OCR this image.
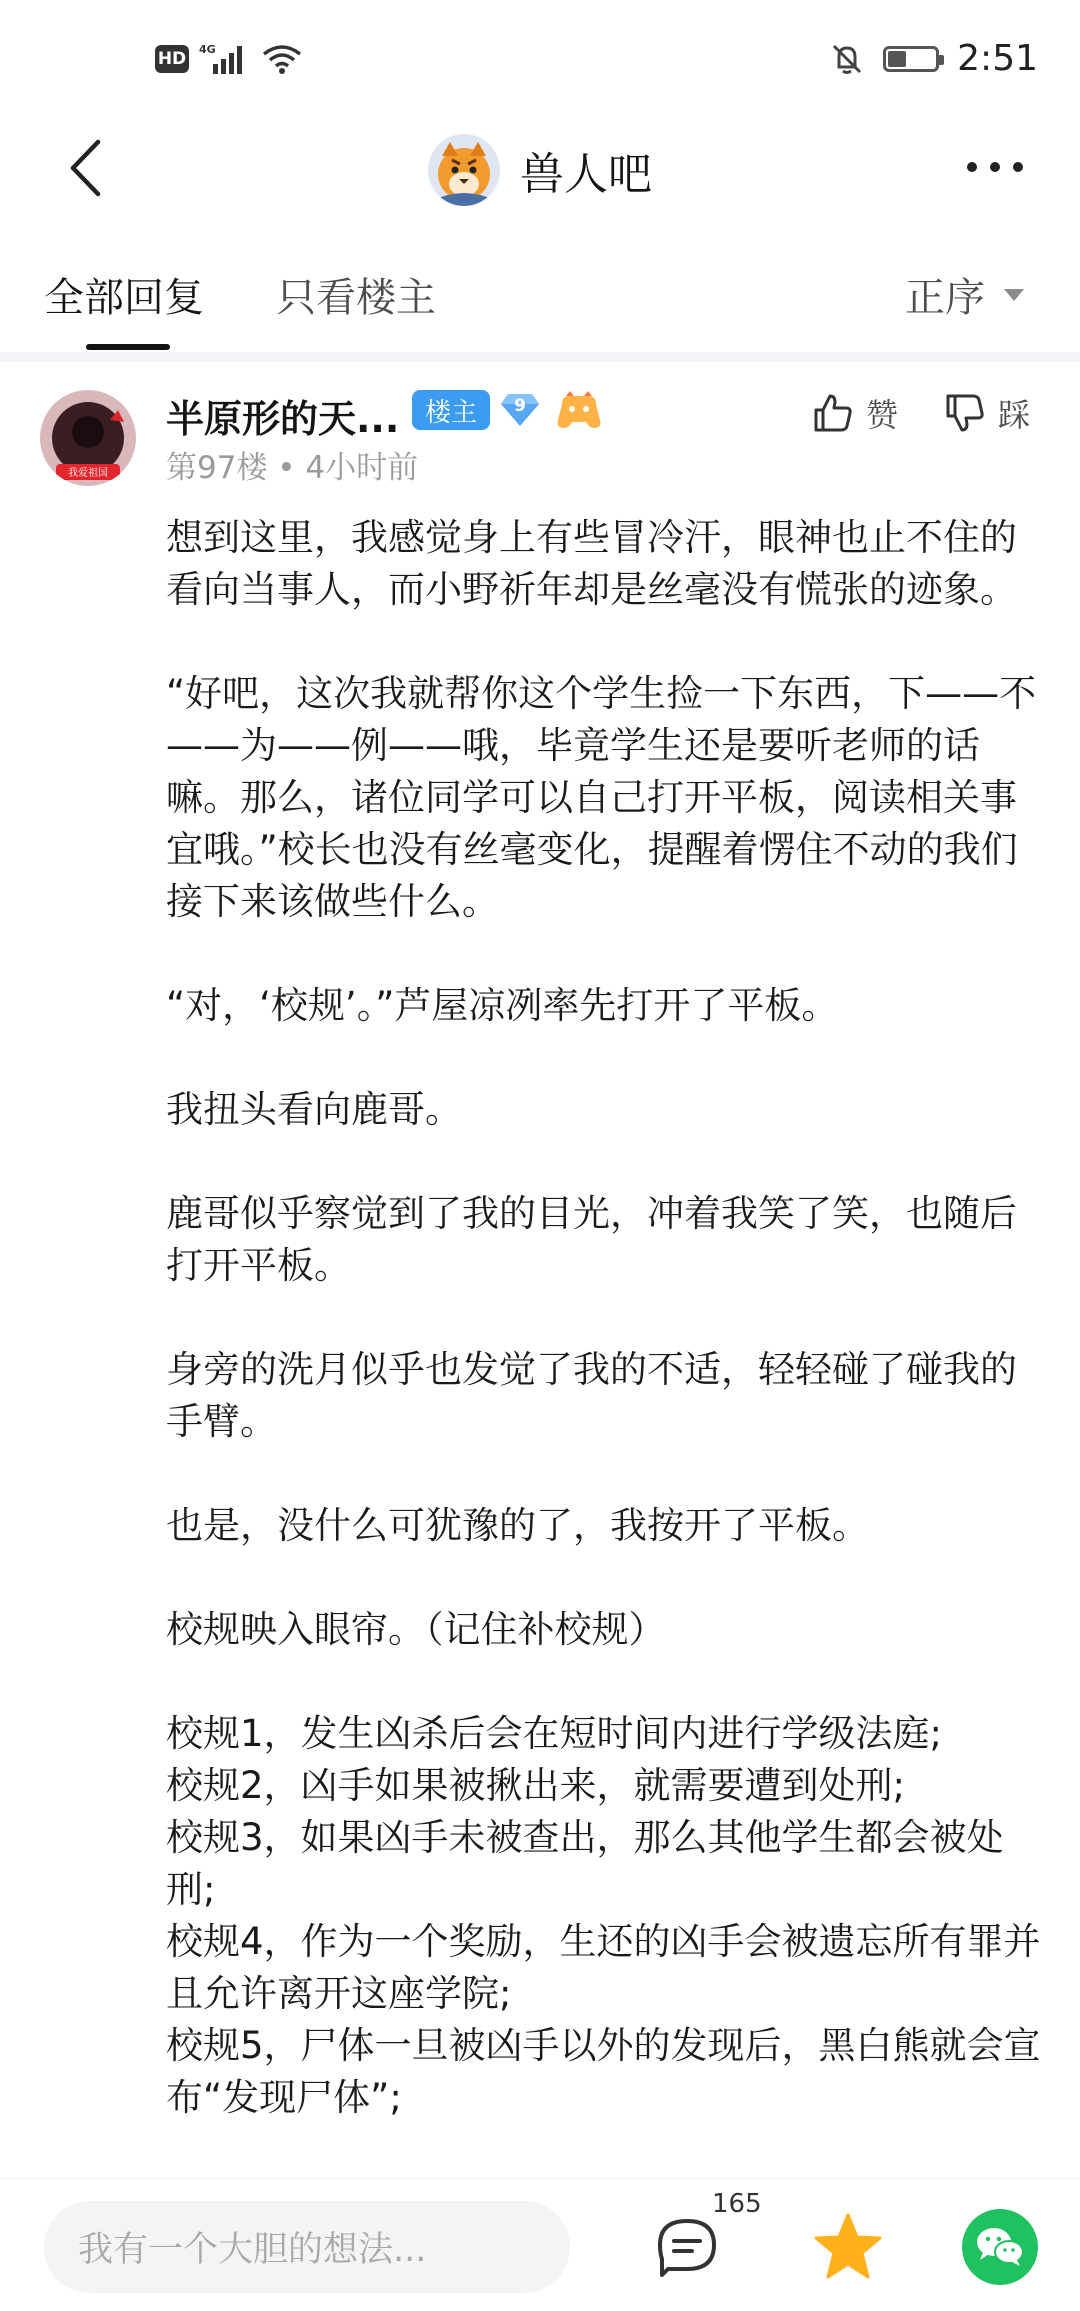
HD 4G	2:51
兽人吧
全部回复 只看楼主	正序
我爱祖国
半原形的天... 楼主	9
第97楼 • 4小时前
赞	踩

想到这里，我感觉身上有些冒冷汗，眼神也止不住的看向当事人，而小野祈年却是丝毫没有慌张的迹象。

“好吧，这次我就帮你这个学生捡一下东西，下——不——为——例——哦，毕竟学生还是要听老师的话嘛。那么，诸位同学可以自己打开平板，阅读相关事宜哦。”校长也没有丝毫变化，提醒着愣住不动的我们接下来该做些什么。

“对，‘校规’。”芦屋凉冽率先打开了平板。

我扭头看向鹿哥。

鹿哥似乎察觉到了我的目光，冲着我笑了笑，也随后打开平板。

身旁的洗月似乎也发觉了我的不适，轻轻碰了碰我的手臂。

也是，没什么可犹豫的了，我按开了平板。

校规映入眼帘。（记住补校规）

校规1，发生凶杀后会在短时间内进行学级法庭;

校规2，凶手如果被揪出来，就需要遭到处刑;

校规3，如果凶手未被查出，那么其他学生都会被处刑;

校规4，作为一个奖励，生还的凶手会被遗忘所有罪并且允许离开这座学院;

校规5，尸体一旦被凶手以外的发现后，黑白熊就会宣布“发现尸体”;

我有一个大胆的想法...
165
